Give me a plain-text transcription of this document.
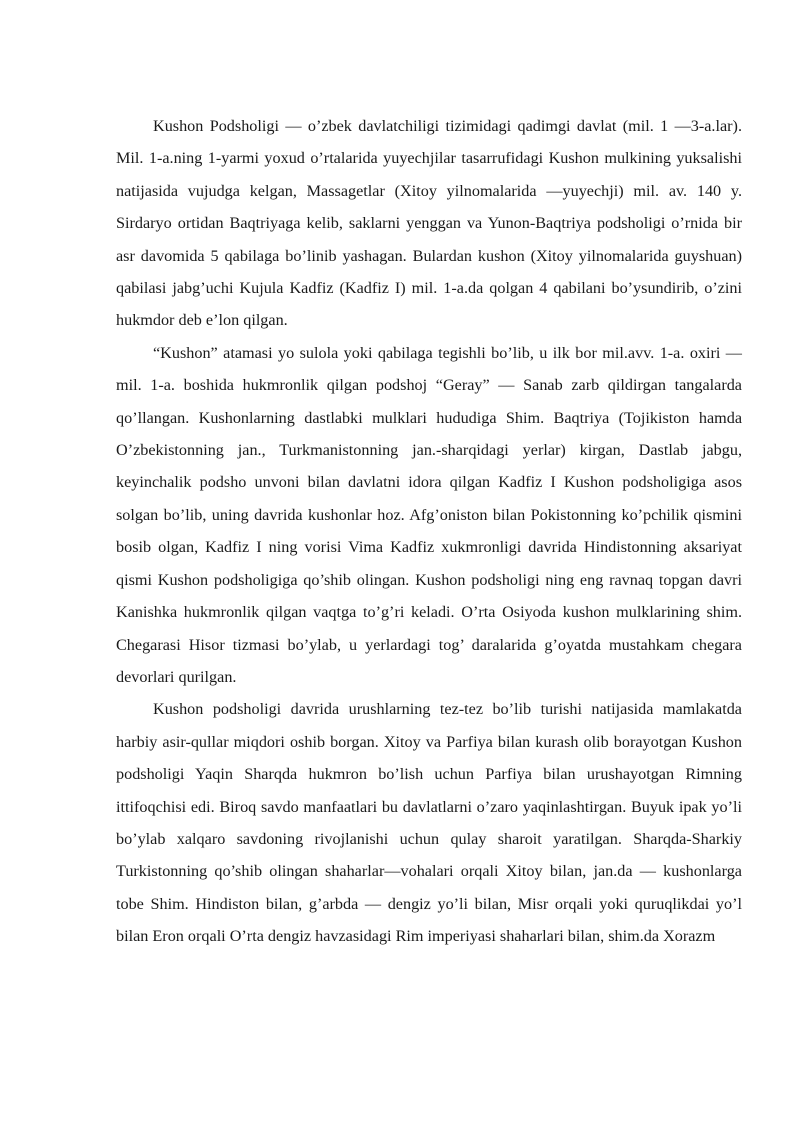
Kushon Podsholigi — o’zbek davlatchiligi tizimidagi qadimgi davlat (mil. 1 —3-a.lar). Mil. 1-a.ning 1-yarmi yoxud o’rtalarida yuyechjilar tasarrufidagi Kushon mulkining yuksalishi natijasida vujudga kelgan, Massagetlar (Xitoy yilnomalarida —yuyechji) mil. av. 140 y. Sirdaryo ortidan Baqtriyaga kelib, saklarni yenggan va Yunon-Baqtriya podsholigi o’rnida bir asr davomida 5 qabilaga bo’linib yashagan. Bulardan kushon (Xitoy yilnomalarida guyshuan) qabilasi jabg’uchi Kujula Kadfiz (Kadfiz I) mil. 1-a.da qolgan 4 qabilani bo’ysundirib, o’zini hukmdor deb e’lon qilgan.

“Kushon” atamasi yo sulola yoki qabilaga tegishli bo’lib, u ilk bor mil.avv. 1-a. oxiri — mil. 1-a. boshida hukmronlik qilgan podshoj “Geray” — Sanab zarb qildirgan tangalarda qo’llangan. Kushonlarning dastlabki mulklari hududiga Shim. Baqtriya (Tojikiston hamda O’zbekistonning jan., Turkmanistonning jan.-sharqidagi yerlar) kirgan, Dastlab jabgu, keyinchalik podsho unvoni bilan davlatni idora qilgan Kadfiz I Kushon podsholigiga asos solgan bo’lib, uning davrida kushonlar hoz. Afg’oniston bilan Pokistonning ko’pchilik qismini bosib olgan, Kadfiz I ning vorisi Vima Kadfiz xukmronligi davrida Hindistonning aksariyat qismi Kushon podsholigiga qo’shib olingan. Kushon podsholigi ning eng ravnaq topgan davri Kanishka hukmronlik qilgan vaqtga to’g’ri keladi. O’rta Osiyoda kushon mulklarining shim. Chegarasi Hisor tizmasi bo’ylab, u yerlardagi tog’ daralarida g’oyatda mustahkam chegara devorlari qurilgan.

Kushon podsholigi davrida urushlarning tez-tez bo’lib turishi natijasida mamlakatda harbiy asir-qullar miqdori oshib borgan. Xitoy va Parfiya bilan kurash olib borayotgan Kushon podsholigi Yaqin Sharqda hukmron bo’lish uchun Parfiya bilan urushayotgan Rimning ittifoqchisi edi. Biroq savdo manfaatlari bu davlatlarni o’zaro yaqinlashtirgan. Buyuk ipak yo’li bo’ylab xalqaro savdoning rivojlanishi uchun qulay sharoit yaratilgan. Sharqda-Sharkiy Turkistonning qo’shib olingan shaharlar—vohalari orqali Xitoy bilan, jan.da — kushonlarga tobe Shim. Hindiston bilan, g’arbda — dengiz yo’li bilan, Misr orqali yoki quruqlikdai yo’l bilan Eron orqali O’rta dengiz havzasidagi Rim imperiyasi shaharlari bilan, shim.da Xorazm
